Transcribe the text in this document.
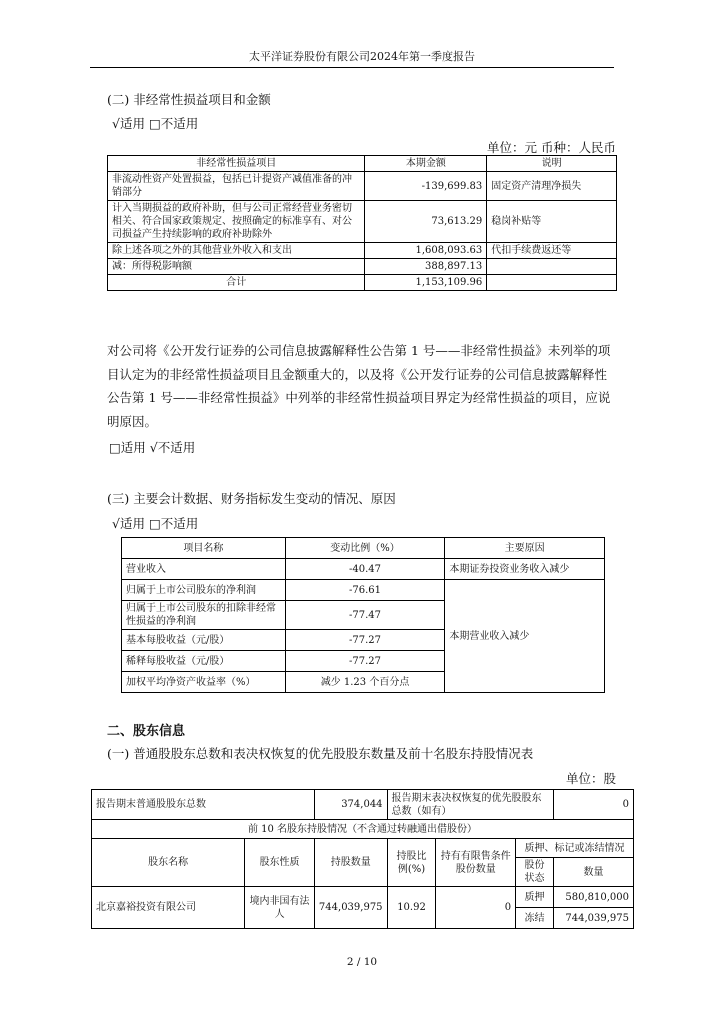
太平洋证券股份有限公司2024年第一季度报告
(二) 非经常性损益项目和金额
√适用 □不适用
单位：元 币种：人民币
非经常性损益项目	本期金额	说明
非流动性资产处置损益，包括已计提资产减值准备的冲销部分	-139,699.83	固定资产清理净损失
计入当期损益的政府补助，但与公司正常经营业务密切相关、符合国家政策规定、按照确定的标准享有、对公司损益产生持续影响的政府补助除外	73,613.29	稳岗补贴等
除上述各项之外的其他营业外收入和支出	1,608,093.63	代扣手续费返还等
减：所得税影响额	388,897.13	
合计	1,153,109.96	
对公司将《公开发行证券的公司信息披露解释性公告第 1 号——非经常性损益》未列举的项目认定为的非经常性损益项目且金额重大的，以及将《公开发行证券的公司信息披露解释性公告第 1 号——非经常性损益》中列举的非经常性损益项目界定为经常性损益的项目，应说明原因。
□适用 √不适用
(三) 主要会计数据、财务指标发生变动的情况、原因
√适用 □不适用
项目名称	变动比例（%）	主要原因
营业收入	-40.47	本期证券投资业务收入减少
归属于上市公司股东的净利润	-76.61	本期营业收入减少
归属于上市公司股东的扣除非经常性损益的净利润	-77.47	
基本每股收益（元/股）	-77.27	
稀释每股收益（元/股）	-77.27	
加权平均净资产收益率（%）	减少 1.23 个百分点	
二、股东信息
(一) 普通股股东总数和表决权恢复的优先股股东数量及前十名股东持股情况表
单位：股
报告期末普通股股东总数		374,044	报告期末表决权恢复的优先股股东总数（如有）			0
前 10 名股东持股情况（不含通过转融通出借股份）						
股东名称	股东性质	持股数量	持股比例(%)	持有有限售条件股份数量	质押、标记或冻结情况	
					股份状态	数量
北京嘉裕投资有限公司	境内非国有法人	744,039,975	10.92	0	质押	580,810,000
					冻结	744,039,975
2 / 10
